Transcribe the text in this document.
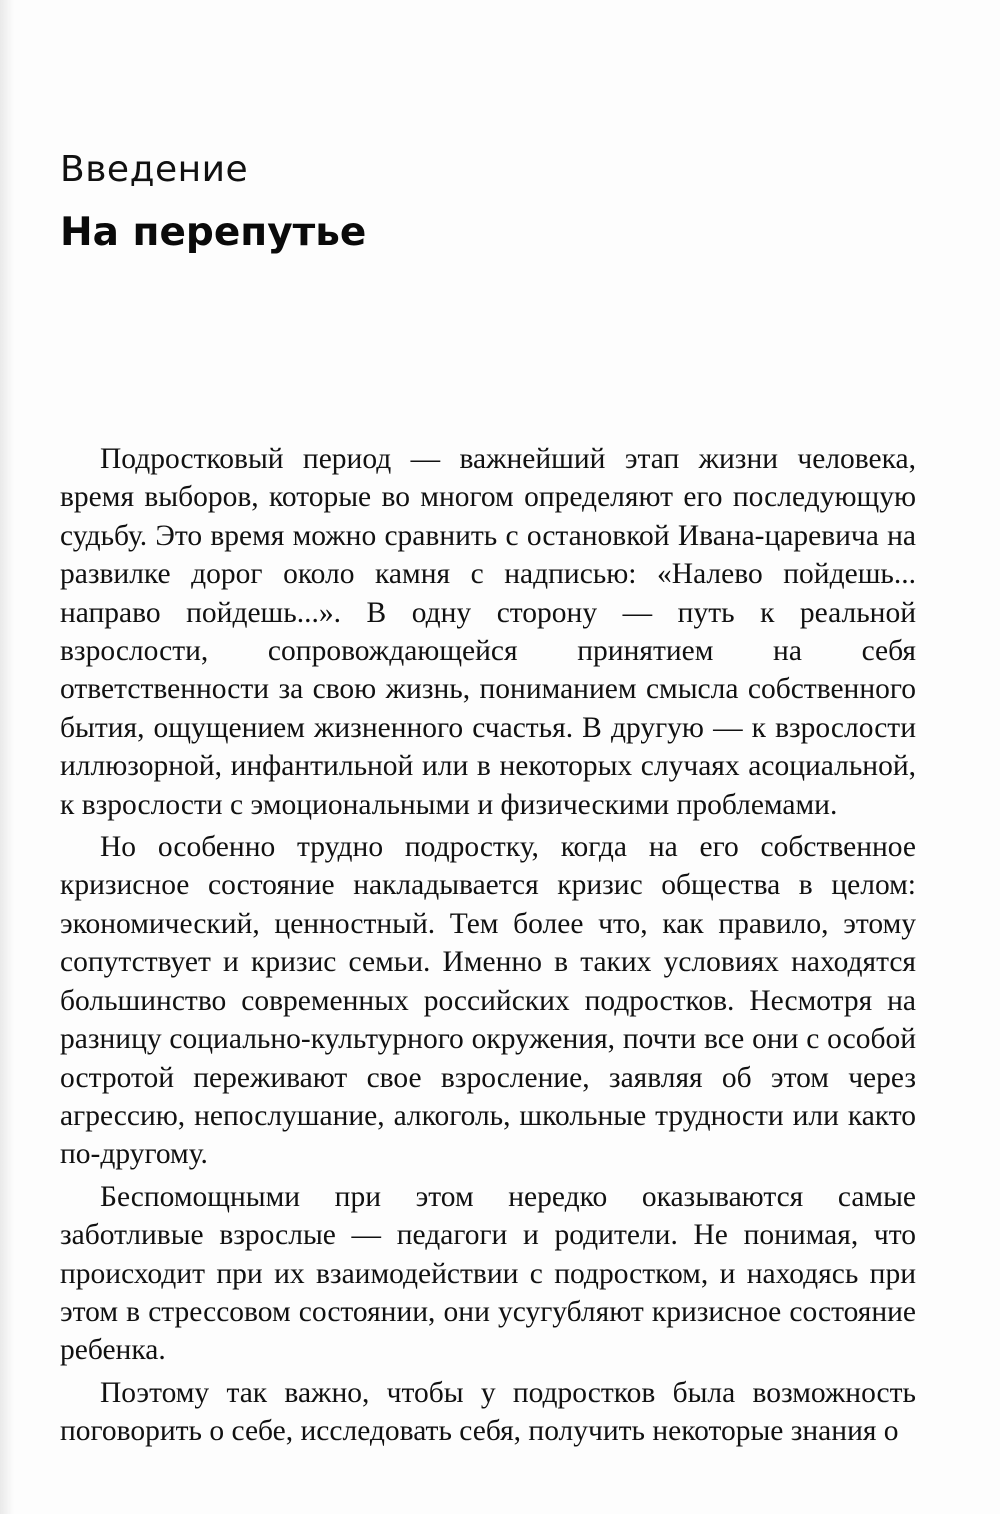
Введение
На перепутье

Подростковый период — важнейший этап жизни человека, время выборов, которые во многом определяют его последующую судьбу. Это время можно сравнить с остановкой Ивана-царевича на развилке дорог около камня с надписью: «Налево пойдешь... направо пойдешь...». В одну сторону — путь к реальной взрослости, сопровождающейся принятием на себя ответственности за свою жизнь, пониманием смысла собственного бытия, ощущением жизненного счастья. В другую — к взрослости иллюзорной, инфантильной или в некоторых случаях асоциальной, к взрослости с эмоциональными и физическими проблемами.

Но особенно трудно подростку, когда на его собственное кризисное состояние накладывается кризис общества в целом: экономический, ценностный. Тем более что, как правило, этому сопутствует и кризис семьи. Именно в таких условиях находятся большинство современных российских подростков. Несмотря на разницу социально-культурного окружения, почти все они с особой остротой переживают свое взросление, заявляя об этом через агрессию, непослушание, алкоголь, школьные трудности или както по-другому.

Беспомощными при этом нередко оказываются самые заботливые взрослые — педагоги и родители. Не понимая, что происходит при их взаимодействии с подростком, и находясь при этом в стрессовом состоянии, они усугубляют кризисное состояние ребенка.

Поэтому так важно, чтобы у подростков была возможность поговорить о себе, исследовать себя, получить некоторые знания о
